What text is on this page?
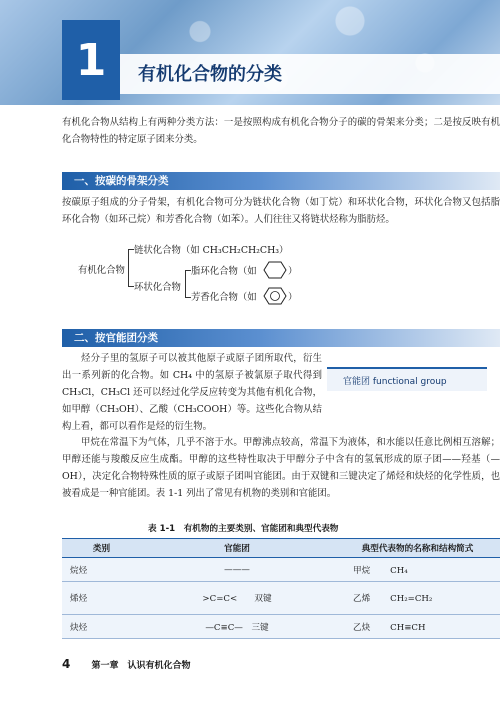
1	有机化合物的分类
有机化合物从结构上有两种分类方法：一是按照构成有机化合物分子的碳的骨架来分类；二是按反映有机化合物特性的特定原子团来分类。
一、按碳的骨架分类
按碳原子组成的分子骨架，有机化合物可分为链状化合物（如丁烷）和环状化合物，环状化合物又包括脂环化合物（如环己烷）和芳香化合物（如苯）。人们往往又将链状烃称为脂肪烃。
有机化合物
链状化合物（如 CH₃CH₂CH₂CH₃）
环状化合物
脂环化合物（如	）
芳香化合物（如	）
二、按官能团分类
烃分子里的氢原子可以被其他原子或原子团所取代，衍生出一系列新的化合物。如 CH₄ 中的氢原子被氯原子取代得到 CH₃Cl，CH₃Cl 还可以经过化学反应转变为其他有机化合物，如甲醇（CH₃OH）、乙酸（CH₃COOH）等。这些化合物从结构上看，都可以看作是烃的衍生物。
官能团 functional group
甲烷在常温下为气体，几乎不溶于水。甲醇沸点较高，常温下为液体，和水能以任意比例相互溶解；甲醇还能与羧酸反应生成酯。甲醇的这些特性取决于甲醇分子中含有的氢氧形成的原子团——羟基（—OH），决定化合物特殊性质的原子或原子团叫官能团。由于双键和三键决定了烯烃和炔烃的化学性质，也被看成是一种官能团。表 1-1 列出了常见有机物的类别和官能团。
表 1-1　有机物的主要类别、官能团和典型代表物
类别	官能团	典型代表物的名称和结构简式
烷烃	———	甲烷　　 CH₄
烯烃	>C=C<　　双键	乙烯　　 CH₂=CH₂
炔烃	—C≡C—　三键	乙炔　　 CH≡CH
4 第一章　认识有机化合物
